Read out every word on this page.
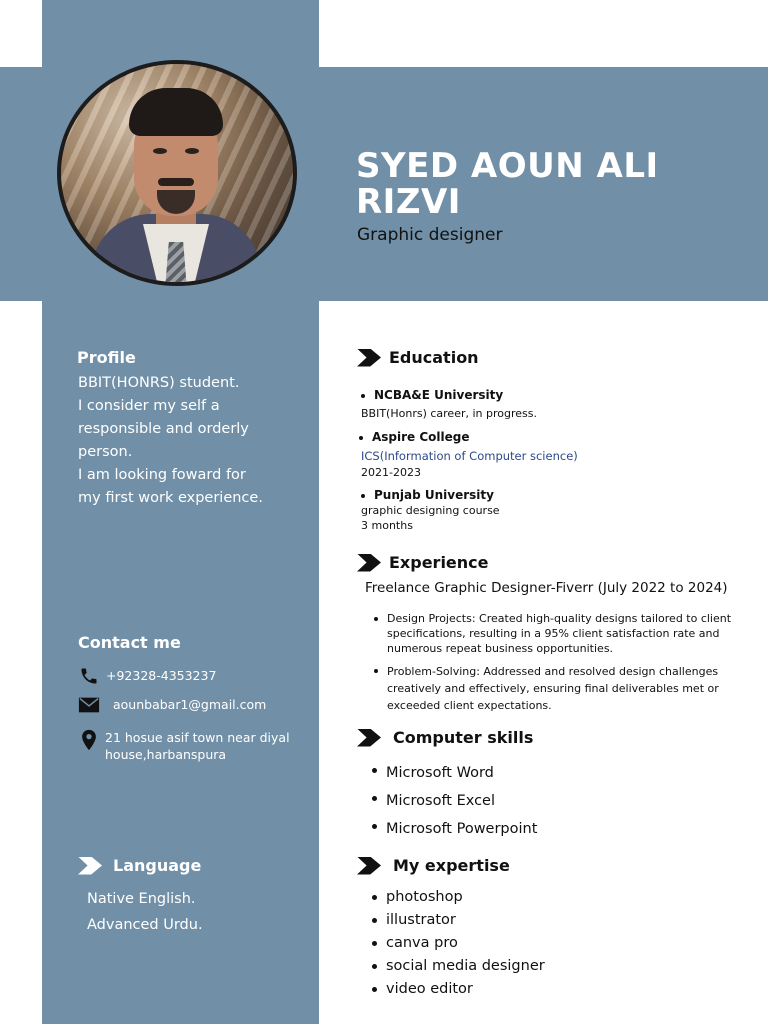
SYED AOUN ALI
RIZVI
Graphic designer
Profile
BBIT(HONRS) student.
I consider my self a
responsible and orderly
person.
I am looking foward for
my first work experience.
Contact me
+92328-4353237
aounbabar1@gmail.com
21 hosue asif town near diyal
house,harbanspura
Language
Native English.
Advanced Urdu.
Education
NCBA&E University
BBIT(Honrs) career, in progress.
Aspire College
ICS(Information of Computer science)
2021-2023
Punjab University
graphic designing course
3 months
Experience
Freelance Graphic Designer-Fiverr (July 2022 to 2024)
Design Projects: Created high-quality designs tailored to client specifications, resulting in a 95% client satisfaction rate and numerous repeat business opportunities.
Problem-Solving: Addressed and resolved design challenges creatively and effectively, ensuring final deliverables met or exceeded client expectations.
Computer skills
Microsoft Word
Microsoft Excel
Microsoft Powerpoint
My expertise
photoshop
illustrator
canva pro
social media designer
video editor
